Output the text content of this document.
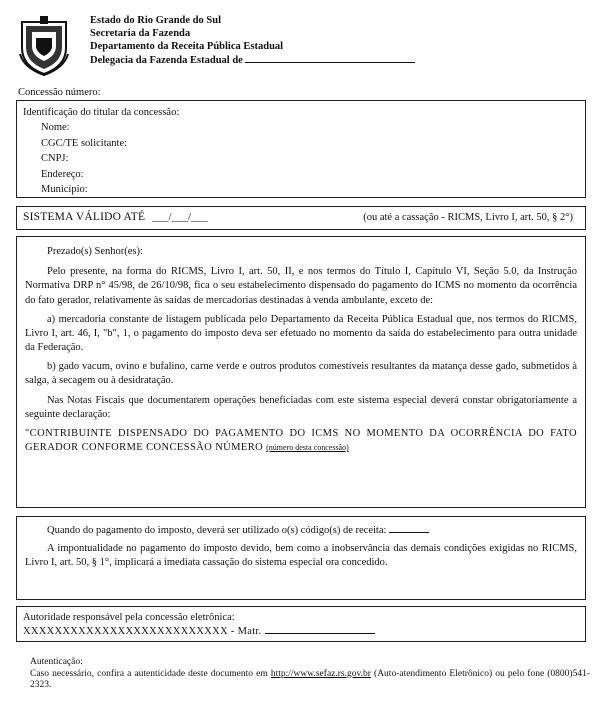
Estado do Rio Grande do Sul
Secretaria da Fazenda
Departamento da Receita Pública Estadual
Delegacia da Fazenda Estadual de
Concessão número:
Identificação do titular da concessão:
Nome:
CGC/TE solicitante:
CNPJ:
Endereço:
Município:
SISTEMA VÁLIDO ATÉ ___/___/___	(ou até a cassação - RICMS, Livro I, art. 50, § 2°)

Prezado(s) Senhor(es):

Pelo presente, na forma do RICMS, Livro I, art. 50, II, e nos termos do Título I, Capítulo VI, Seção 5.0, da Instrução Normativa DRP n° 45/98, de 26/10/98, fica o seu estabelecimento dispensado do pagamento do ICMS no momento da ocorrência do fato gerador, relativamente às saídas de mercadorias destinadas à venda ambulante, exceto de:

a) mercadoria constante de listagem publicada pelo Departamento da Receita Pública Estadual que, nos termos do RICMS, Livro I, art. 46, I, "b", 1, o pagamento do imposto deva ser efetuado no momento da saída do estabelecimento para outra unidade da Federação.

b) gado vacum, ovino e bufalino, carne verde e outros produtos comestíveis resultantes da matança desse gado, submetidos à salga, à secagem ou à desidratação.

Nas Notas Fiscais que documentarem operações beneficiadas com este sistema especial deverá constar obrigatoriamente a seguinte declaração:

"CONTRIBUINTE DISPENSADO DO PAGAMENTO DO ICMS NO MOMENTO DA OCORRÊNCIA DO FATO GERADOR CONFORME CONCESSÃO NÚMERO (número desta concessão)

Quando do pagamento do imposto, deverá ser utilizado o(s) código(s) de receita:

A impontualidade no pagamento do imposto devido, bem como a inobservância das demais condições exigidas no RICMS, Livro I, art. 50, § 1°, implicará a imediata cassação do sistema especial ora concedido.

Autoridade responsável pela concessão eletrônica:
XXXXXXXXXXXXXXXXXXXXXXXXXX - Matr.
Autenticação:
Caso necessário, confira a autenticidade deste documento em http://www.sefaz.rs.gov.br (Auto-atendimento Eletrônico) ou pelo fone (0800)541-2323.
